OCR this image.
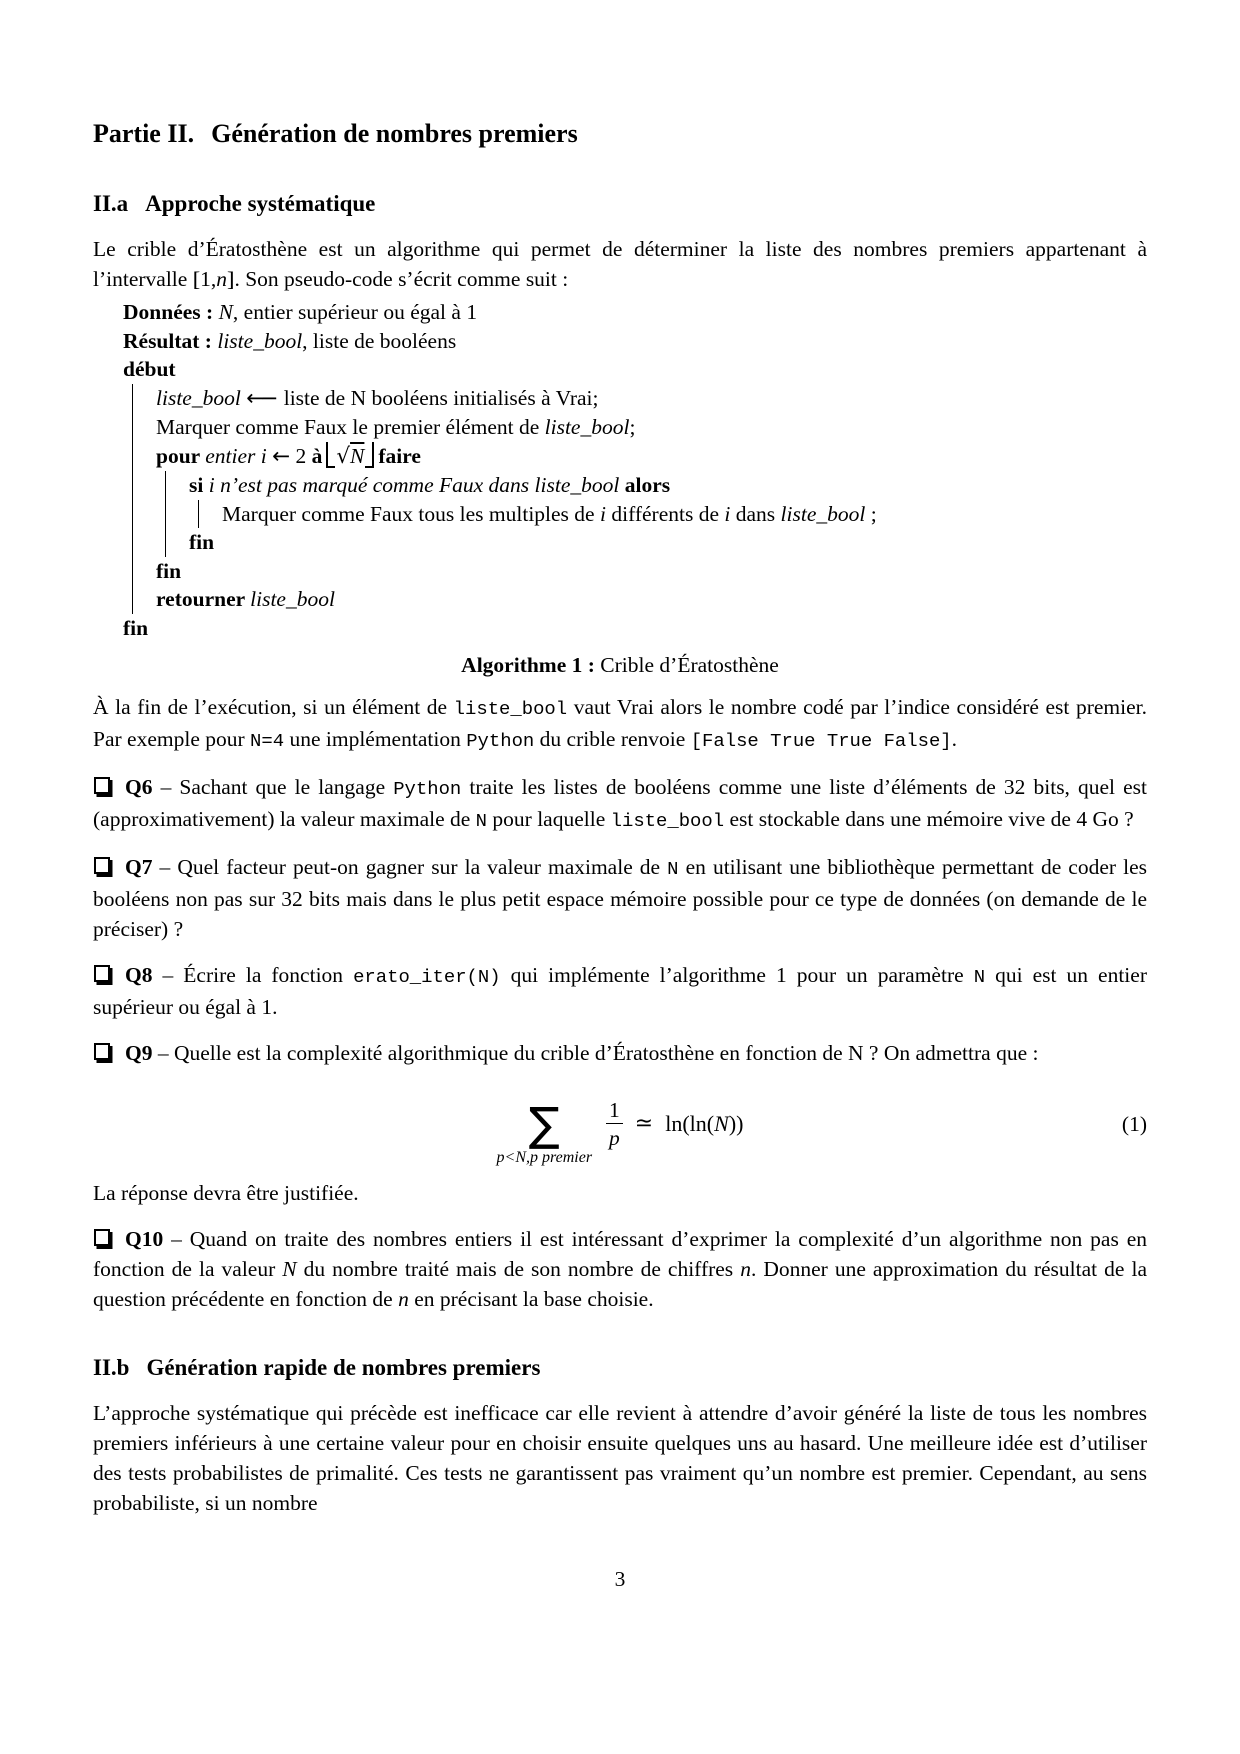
Partie II. Génération de nombres premiers
II.a Approche systématique

Le crible d’Ératosthène est un algorithme qui permet de déterminer la liste des nombres premiers appartenant à l’intervalle [[ 1,n]] . Son pseudo-code s’écrit comme suit :

Données : N, entier supérieur ou égal à 1
Résultat : liste_bool, liste de booléens
début
liste_bool ←− liste de N booléens initialisés à Vrai;
Marquer comme Faux le premier élément de liste_bool;
pour entier i ← 2 à √N faire
si i n’est pas marqué comme Faux dans liste_bool alors
Marquer comme Faux tous les multiples de i différents de i dans liste_bool ;
fin
fin
retourner liste_bool
fin
Algorithme 1 : Crible d’Ératosthène

À la fin de l’exécution, si un élément de liste_bool vaut Vrai alors le nombre codé par l’indice considéré est premier. Par exemple pour N=4 une implémentation Python du crible renvoie [False True True False].

Q6 – Sachant que le langage Python traite les listes de booléens comme une liste d’éléments de 32 bits, quel est (approximativement) la valeur maximale de N pour laquelle liste_bool est stockable dans une mémoire vive de 4 Go ?

Q7 – Quel facteur peut-on gagner sur la valeur maximale de N en utilisant une bibliothèque permettant de coder les booléens non pas sur 32 bits mais dans le plus petit espace mémoire possible pour ce type de données (on demande de le préciser) ?

Q8 – Écrire la fonction erato_iter(N) qui implémente l’algorithme 1 pour un paramètre N qui est un entier supérieur ou égal à 1.

Q9 – Quelle est la complexité algorithmique du crible d’Ératosthène en fonction de N ? On admettra que :

∑
p<N,p premier
$\frac{1}{p}$ ≃ ln(ln(N))	(1)

La réponse devra être justifiée.

Q10 – Quand on traite des nombres entiers il est intéressant d’exprimer la complexité d’un algorithme non pas en fonction de la valeur N du nombre traité mais de son nombre de chiffres n. Donner une approximation du résultat de la question précédente en fonction de n en précisant la base choisie.

II.b Génération rapide de nombres premiers

L’approche systématique qui précède est inefficace car elle revient à attendre d’avoir généré la liste de tous les nombres premiers inférieurs à une certaine valeur pour en choisir ensuite quelques uns au hasard. Une meilleure idée est d’utiliser des tests probabilistes de primalité. Ces tests ne garantissent pas vraiment qu’un nombre est premier. Cependant, au sens probabiliste, si un nombre

3
